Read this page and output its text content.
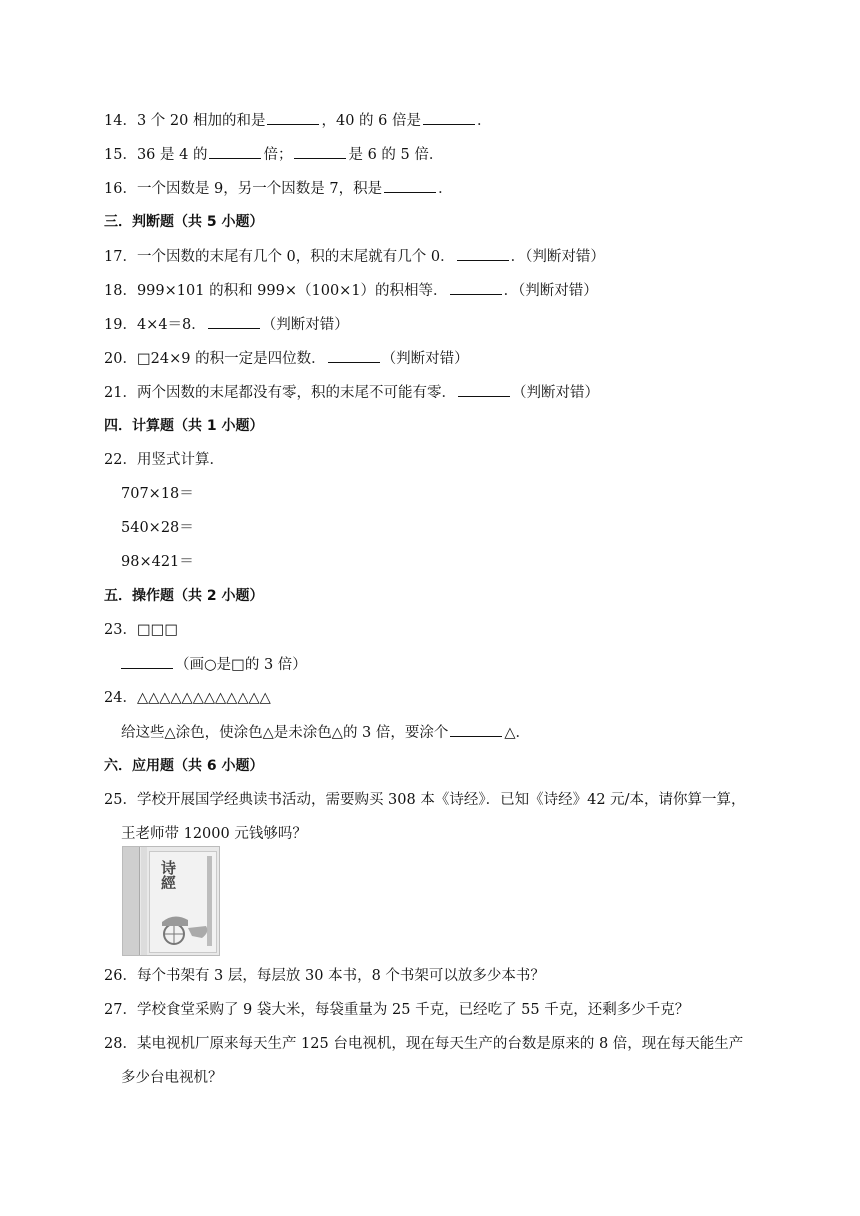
14．3 个 20 相加的和是	，40 的 6 倍是	．
15．36 是 4 的	倍；	是 6 的 5 倍．
16．一个因数是 9，另一个因数是 7，积是	．
三．判断题（共 5 小题）
17．一个因数的末尾有几个 0，积的末尾就有几个 0．	．（判断对错）
18．999×101 的积和 999×（100×1）的积相等．	．（判断对错）
19．4×4＝8．	（判断对错）
20．□24×9 的积一定是四位数．	（判断对错）
21．两个因数的末尾都没有零，积的末尾不可能有零．	（判断对错）
四．计算题（共 1 小题）
22．用竖式计算．
707×18＝
540×28＝
98×421＝
五．操作题（共 2 小题）
23．□□□
（画○是□的 3 倍）
24．△△△△△△△△△△△△
给这些△涂色，使涂色△是未涂色△的 3 倍，要涂个	△．
六．应用题（共 6 小题）
25．学校开展国学经典读书活动，需要购买 308 本《诗经》．已知《诗经》42 元/本，请你算一算，
王老师带 12000 元钱够吗？
诗經
26．每个书架有 3 层，每层放 30 本书，8 个书架可以放多少本书？
27．学校食堂采购了 9 袋大米，每袋重量为 25 千克，已经吃了 55 千克，还剩多少千克？
28．某电视机厂原来每天生产 125 台电视机，现在每天生产的台数是原来的 8 倍，现在每天能生产
多少台电视机？
